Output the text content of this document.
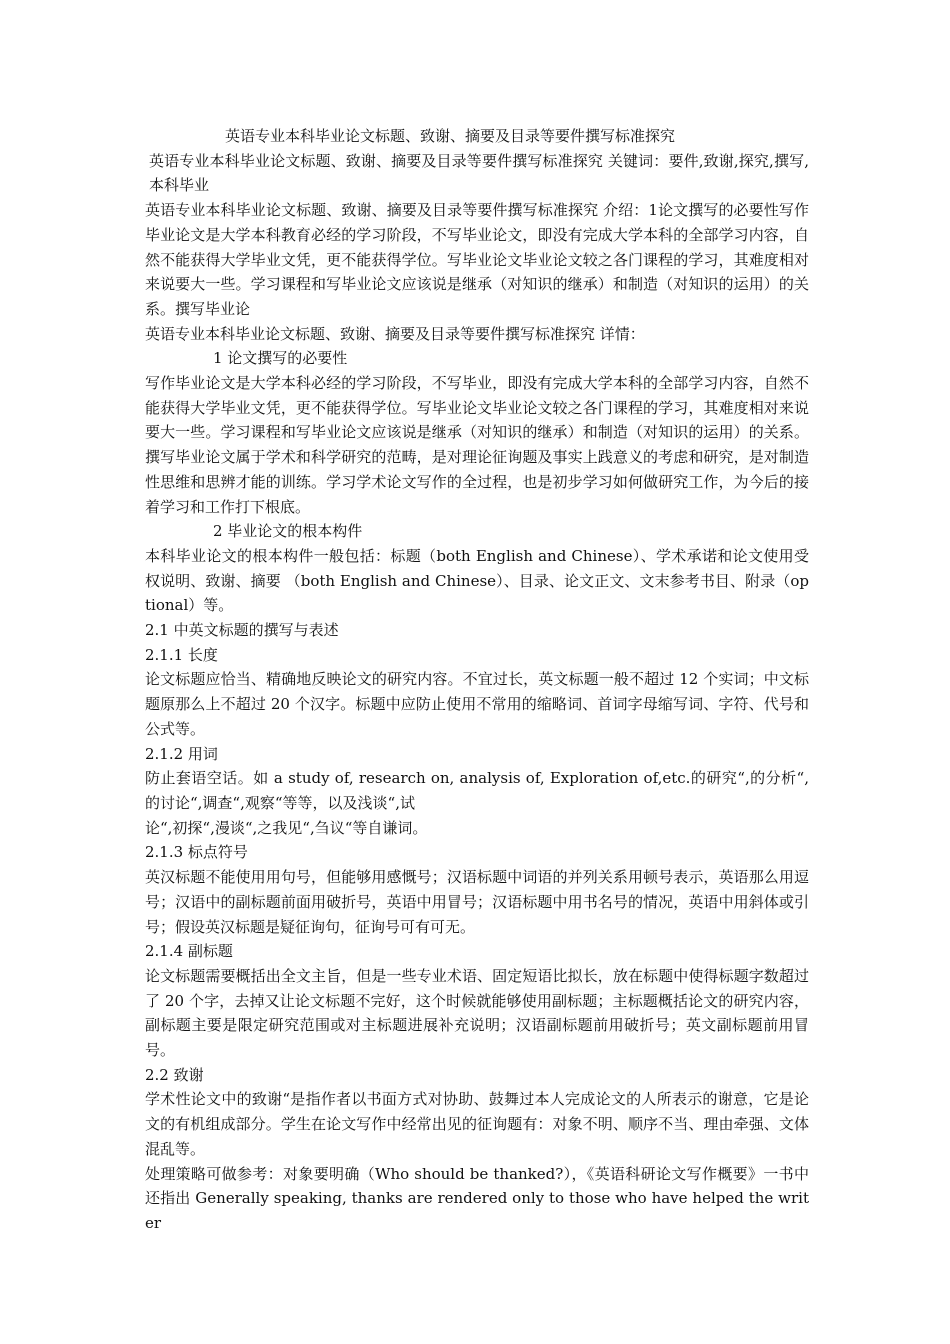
英语专业本科毕业论文标题、致谢、摘要及目录等要件撰写标准探究

英语专业本科毕业论文标题、致谢、摘要及目录等要件撰写标准探究 关键词：要件,致谢,探究,撰写,本科毕业

英语专业本科毕业论文标题、致谢、摘要及目录等要件撰写标准探究 介绍：1论文撰写的必要性写作毕业论文是大学本科教育必经的学习阶段，不写毕业论文，即没有完成大学本科的全部学习内容，自然不能获得大学毕业文凭，更不能获得学位。写毕业论文毕业论文较之各门课程的学习，其难度相对来说要大一些。学习课程和写毕业论文应该说是继承（对知识的继承）和制造（对知识的运用）的关系。撰写毕业论

英语专业本科毕业论文标题、致谢、摘要及目录等要件撰写标准探究 详情：

1 论文撰写的必要性

写作毕业论文是大学本科必经的学习阶段，不写毕业，即没有完成大学本科的全部学习内容，自然不能获得大学毕业文凭，更不能获得学位。写毕业论文毕业论文较之各门课程的学习，其难度相对来说要大一些。学习课程和写毕业论文应该说是继承（对知识的继承）和制造（对知识的运用）的关系。撰写毕业论文属于学术和科学研究的范畴，是对理论征询题及事实上践意义的考虑和研究，是对制造性思维和思辨才能的训练。学习学术论文写作的全过程，也是初步学习如何做研究工作，为今后的接着学习和工作打下根底。

2 毕业论文的根本构件

本科毕业论文的根本构件一般包括：标题（both English and Chinese）、学术承诺和论文使用受权说明、致谢、摘要 （both English and Chinese）、目录、论文正文、文末参考书目、附录（optional）等。

2.1 中英文标题的撰写与表述

2.1.1 长度

论文标题应恰当、精确地反映论文的研究内容。不宜过长，英文标题一般不超过 12 个实词；中文标题原那么上不超过 20 个汉字。标题中应防止使用不常用的缩略词、首词字母缩写词、字符、代号和公式等。

2.1.2 用词

防止套语空话。如 a study of, research on, analysis of, Exploration of,etc.的研究“,的分析“,的讨论“,调查“,观察“等等，以及浅谈“,试

论“,初探“,漫谈“,之我见“,刍议“等自谦词。

2.1.3 标点符号

英汉标题不能使用用句号，但能够用感慨号；汉语标题中词语的并列关系用顿号表示，英语那么用逗号；汉语中的副标题前面用破折号，英语中用冒号；汉语标题中用书名号的情况，英语中用斜体或引号；假设英汉标题是疑征询句，征询号可有可无。

2.1.4 副标题

论文标题需要概括出全文主旨，但是一些专业术语、固定短语比拟长，放在标题中使得标题字数超过了 20 个字，去掉又让论文标题不完好，这个时候就能够使用副标题；主标题概括论文的研究内容，副标题主要是限定研究范围或对主标题进展补充说明；汉语副标题前用破折号；英文副标题前用冒号。

2.2 致谢

学术性论文中的致谢“是指作者以书面方式对协助、鼓舞过本人完成论文的人所表示的谢意，它是论文的有机组成部分。学生在论文写作中经常出见的征询题有：对象不明、顺序不当、理由牵强、文体混乱等。

处理策略可做参考：对象要明确（Who should be thanked?），《英语科研论文写作概要》一书中还指出 Generally speaking, thanks are rendered only to those who have helped the writer
